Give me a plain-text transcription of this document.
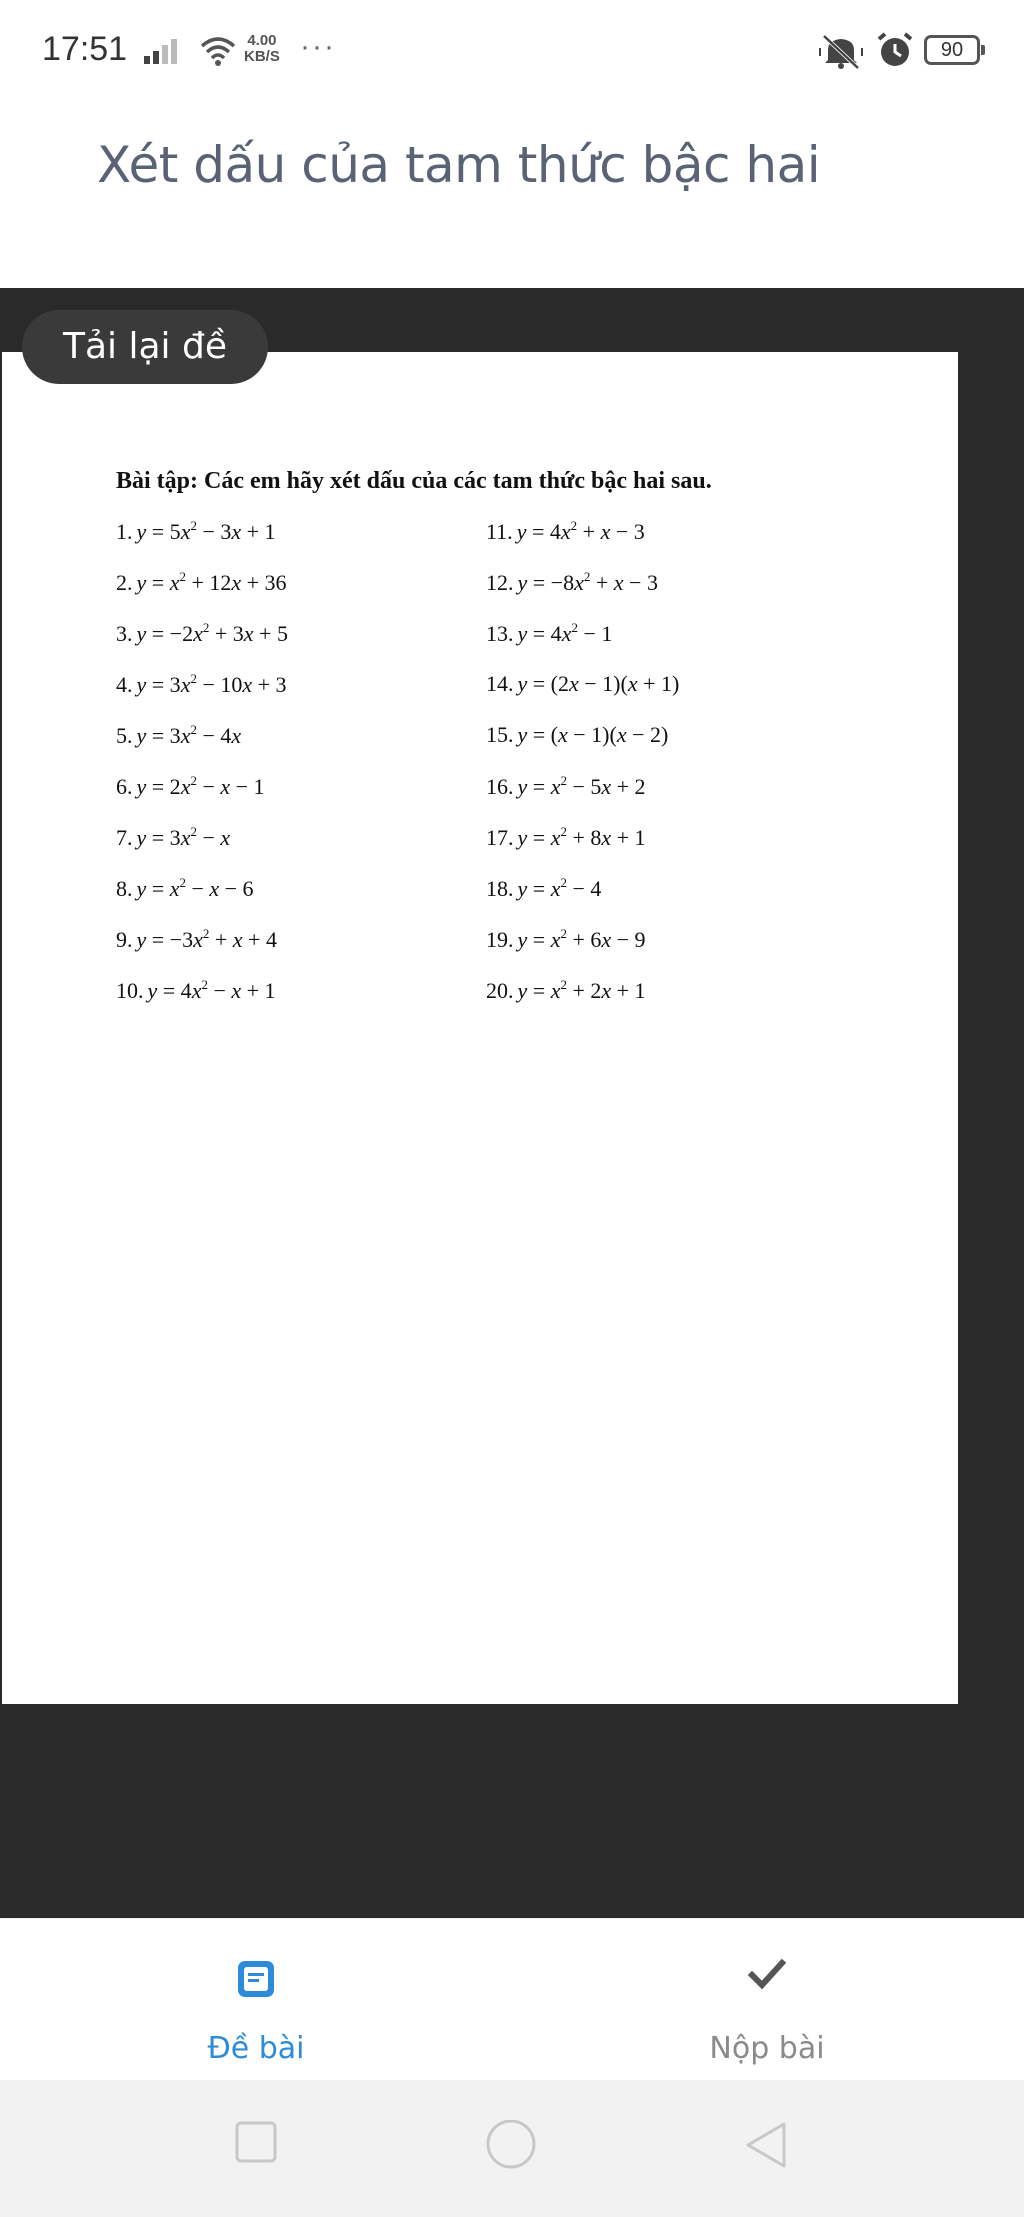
17:51	4.00
KB/S ···	90
Xét dấu của tam thức bậc hai
Tải lại đề
Bài tập: Các em hãy xét dấu của các tam thức bậc hai sau.
1. $y = 5x^2 - 3x + 1$
2. $y = x^2 + 12x + 36$
3. $y = -2x^2 + 3x + 5$
4. $y = 3x^2 - 10x + 3$
5. $y = 3x^2 - 4x$
6. $y = 2x^2 - x - 1$
7. $y = 3x^2 - x$
8. $y = x^2 - x - 6$
9. $y = -3x^2 + x + 4$
10. $y = 4x^2 - x + 1$
11. $y = 4x^2 + x - 3$
12. $y = -8x^2 + x - 3$
13. $y = 4x^2 - 1$
14. y = (2x − 1)(x + 1)
15. y = (x − 1)(x − 2)
16. $y = x^2 - 5x + 2$
17. $y = x^2 + 8x + 1$
18. $y = x^2 - 4$
19. $y = x^2 + 6x - 9$
20. $y = x^2 + 2x + 1$
Đề bài	Nộp bài
